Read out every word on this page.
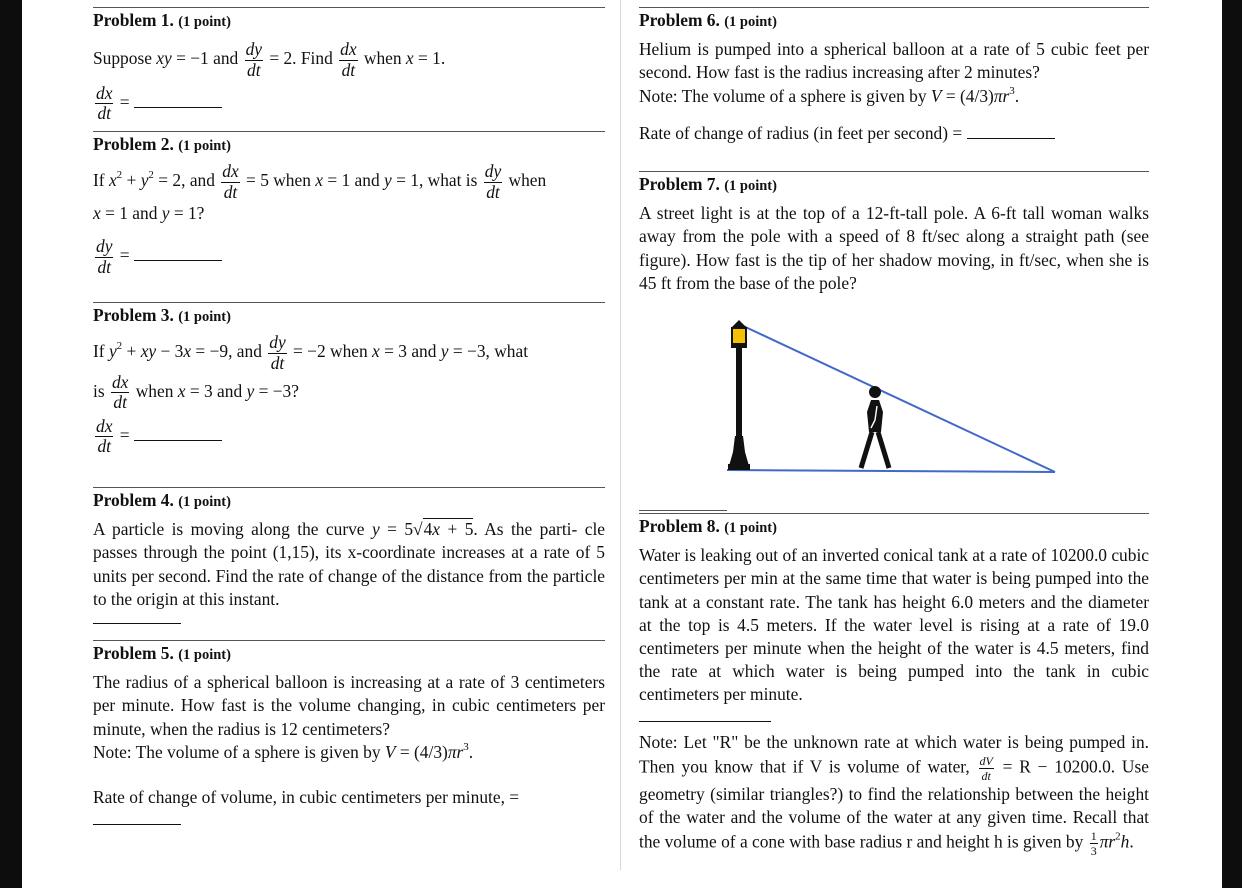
Problem 1. (1 point)
Suppose xy = −1 and $\frac{dy}{dt} = 2$. Find $\frac{dx}{dt}$ when x = 1.
$\frac{dx}{dt}$ =
Problem 2. (1 point)
If $x^2 + y^2 = 2$, and $\frac{dx}{dt} = 5$ when x = 1 and y = 1, what is $\frac{dy}{dt}$ when
x = 1 and y = 1?
$\frac{dy}{dt}$ =
Problem 3. (1 point)
If $y^2$ + xy − 3x = −9, and $\frac{dy}{dt} = -2$ when x = 3 and y = −3, what
is $\frac{dx}{dt}$ when x = 3 and y = −3?
$\frac{dx}{dt}$ =
Problem 4. (1 point)

A particle is moving along the curve y = 5√4x + 5. As the parti- cle passes through the point (1,15), its x-coordinate increases at a rate of 5 units per second. Find the rate of change of the distance from the particle to the origin at this instant.

Problem 5. (1 point)

The radius of a spherical balloon is increasing at a rate of 3 centimeters per minute. How fast is the volume changing, in cubic centimeters per minute, when the radius is 12 centimeters?

Note: The volume of a sphere is given by $V = (4/3)\pi r^3$.
Rate of change of volume, in cubic centimeters per minute, =
Problem 6. (1 point)

Helium is pumped into a spherical balloon at a rate of 5 cubic feet per second. How fast is the radius increasing after 2 minutes?

Note: The volume of a sphere is given by $V = (4/3)\pi r^3$.
Rate of change of radius (in feet per second) =
Problem 7. (1 point)

A street light is at the top of a 12-ft-tall pole. A 6-ft tall woman walks away from the pole with a speed of 8 ft/sec along a straight path (see figure). How fast is the tip of her shadow moving, in ft/sec, when she is 45 ft from the base of the pole?

Problem 8. (1 point)

Water is leaking out of an inverted conical tank at a rate of 10200.0 cubic centimeters per min at the same time that water is being pumped into the tank at a constant rate. The tank has height 6.0 meters and the diameter at the top is 4.5 meters. If the water level is rising at a rate of 19.0 centimeters per minute when the height of the water is 4.5 meters, find the rate at which water is being pumped into the tank in cubic centimeters per minute.

Note: Let "R" be the unknown rate at which water is being pumped in. Then you know that if V is volume of water, $\frac{dV}{dt} = R - 10200.0$. Use geometry (similar triangles?) to find the relationship between the height of the water and the volume of the water at any given time. Recall that the volume of a cone with base radius r and height h is given by $\frac{1}{3} \pi r^2h$.
